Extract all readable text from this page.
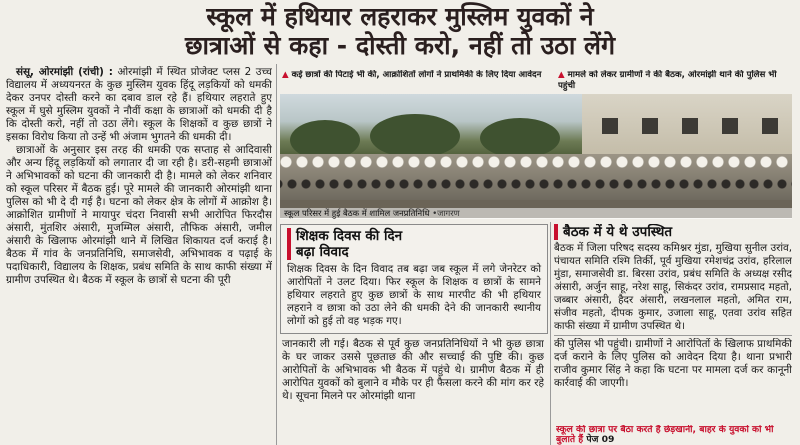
स्कूल में हथियार लहराकर मुस्लिम युवकों ने
छात्राओं से कहा - दोस्ती करो, नहीं तो उठा लेंगे

संसू, ओरमांझी (रांची) : ओरमांझी में स्थित प्रोजेक्ट प्लस 2 उच्च विद्यालय में अध्ययनरत के कुछ मुस्लिम युवक हिंदू लड़कियों को धमकी देकर उनपर दोस्ती करने का दबाव डाल रहे हैं। हथियार लहराते हुए स्कूल में घुसे मुस्लिम युवकों ने नौवीं कक्षा के छात्राओं को धमकी दी है कि दोस्ती करो, नहीं तो उठा लेंगे। स्कूल के शिक्षकों व कुछ छात्रों ने इसका विरोध किया तो उन्हें भी अंजाम भुगतने की धमकी दी।

छात्राओं के अनुसार इस तरह की धमकी एक सप्ताह से आदिवासी और अन्य हिंदू लड़कियों को लगातार दी जा रही है। डरी-सहमी छात्राओं ने अभिभावकों को घटना की जानकारी दी है। मामले को लेकर शनिवार को स्कूल परिसर में बैठक हुई। पूरे मामले की जानकारी ओरमांझी थाना पुलिस को भी दे दी गई है। घटना को लेकर क्षेत्र के लोगों में आक्रोश है। आक्रोशित ग्रामीणों ने मायापुर चंदरा निवासी सभी आरोपित फिरदौस अंसारी, मुंतशिर अंसारी, मुजम्मिल अंसारी, तौफिक अंसारी, जमील अंसारी के खिलाफ ओरमांझी थाने में लिखित शिकायत दर्ज कराई है। बैठक में गांव के जनप्रतिनिधि, समाजसेवी, अभिभावक व पढ़ाई के पदाधिकारी, विद्यालय के शिक्षक, प्रबंध समिति के साथ काफी संख्या में ग्रामीण उपस्थित थे। बैठक में स्कूल के छात्रों से घटना की पूरी

▲ कई छात्रों की पिटाई भी की, आक्रोशितों लोगों ने प्राथमिकी के लिए दिया आवेदन	▲ मामले को लेकर ग्रामीणों ने की बैठक, ओरमांझी थाने की पुलिस भी पहुंची
स्कूल परिसर में हुई बैठक में शामिल जनप्रतिनिधि •जागरण
शिक्षक दिवस की दिन
बढ़ा विवाद
शिक्षक दिवस के दिन विवाद तब बढ़ा जब स्कूल में लगे जेनरेटर को आरोपितों ने उलट दिया। फिर स्कूल के शिक्षक व छात्रों के सामने हथियार लहराते हुए कुछ छात्रों के साथ मारपीट की भी हथियार लहराने व छात्रा को उठा लेने की धमकी देने की जानकारी स्थानीय लोगों को हुई तो वह भड़क गए।
बैठक में ये थे उपस्थित
बैठक में जिला परिषद सदस्य कमिश्नर मुंडा, मुखिया सुनील उरांव, पंचायत समिति रश्मि तिर्की, पूर्व मुखिया रमेशचंद्र उरांव, हरिलाल मुंडा, समाजसेवी डा. बिरसा उरांव, प्रबंध समिति के अध्यक्ष रसीद अंसारी, अर्जुन साहू, नरेश साहू, सिकंदर उरांव, रामप्रसाद महतो, जब्बार अंसारी, हैदर अंसारी, लखनलाल महतो, अमित राम, संजीव महतो, दीपक कुमार, उजाला साहू, एतवा उरांव सहित काफी संख्या में ग्रामीण उपस्थित थे।
जानकारी ली गई। बैठक से पूर्व कुछ जनप्रतिनिधियों ने भी कुछ छात्रा के घर जाकर उससे पूछताछ की और सच्चाई की पुष्टि की। कुछ आरोपितों के अभिभावक भी बैठक में पहुंचे थे। ग्रामीण बैठक में ही आरोपित युवकों को बुलाने व मौके पर ही फैसला करने की मांग कर रहे थे। सूचना मिलने पर ओरमांझी थाना
की पुलिस भी पहुंची। ग्रामीणों ने आरोपितों के खिलाफ प्राथमिकी दर्ज कराने के लिए पुलिस को आवेदन दिया है। थाना प्रभारी राजीव कुमार सिंह ने कहा कि घटना पर मामला दर्ज कर कानूनी कार्रवाई की जाएगी।
स्कूल की छात्रा पर बैठा करते हैं छेड़खानी, बाहर के युवकों को भी बुलाते हैं पेज 09
